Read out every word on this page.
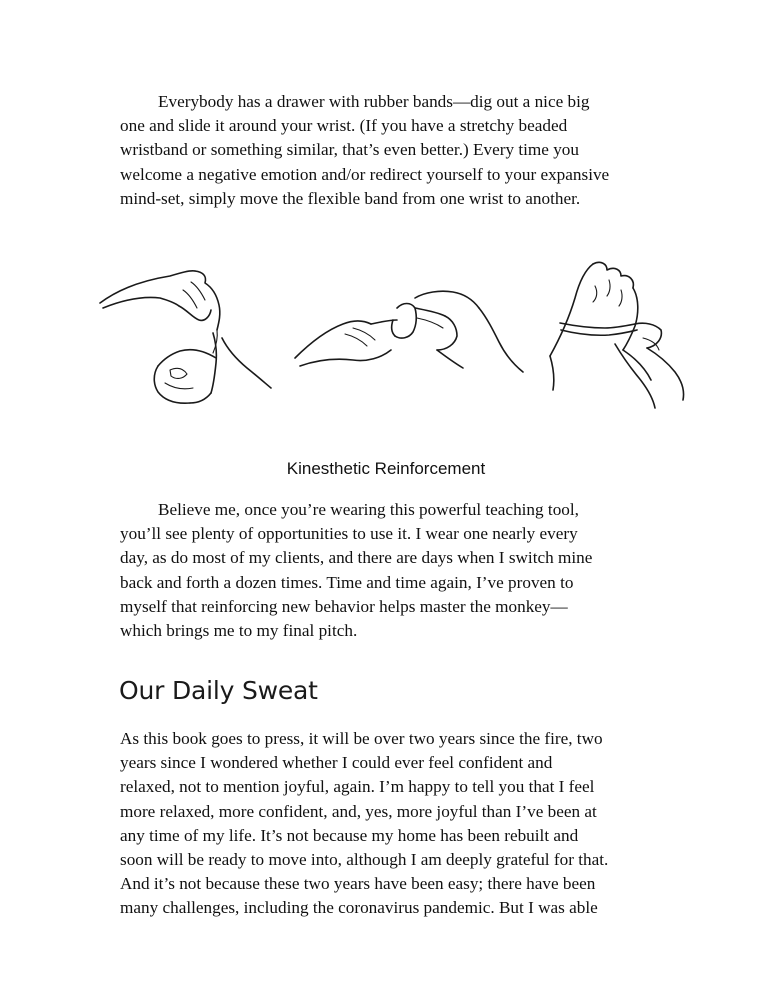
Everybody has a drawer with rubber bands—dig out a nice big
one and slide it around your wrist. (If you have a stretchy beaded
wristband or something similar, that’s even better.) Every time you
welcome a negative emotion and/or redirect yourself to your expansive
mind-set, simply move the flexible band from one wrist to another.
Kinesthetic Reinforcement
Believe me, once you’re wearing this powerful teaching tool,
you’ll see plenty of opportunities to use it. I wear one nearly every
day, as do most of my clients, and there are days when I switch mine
back and forth a dozen times. Time and time again, I’ve proven to
myself that reinforcing new behavior helps master the monkey—
which brings me to my final pitch.
Our Daily Sweat
As this book goes to press, it will be over two years since the fire, two
years since I wondered whether I could ever feel confident and
relaxed, not to mention joyful, again. I’m happy to tell you that I feel
more relaxed, more confident, and, yes, more joyful than I’ve been at
any time of my life. It’s not because my home has been rebuilt and
soon will be ready to move into, although I am deeply grateful for that.
And it’s not because these two years have been easy; there have been
many challenges, including the coronavirus pandemic. But I was able
